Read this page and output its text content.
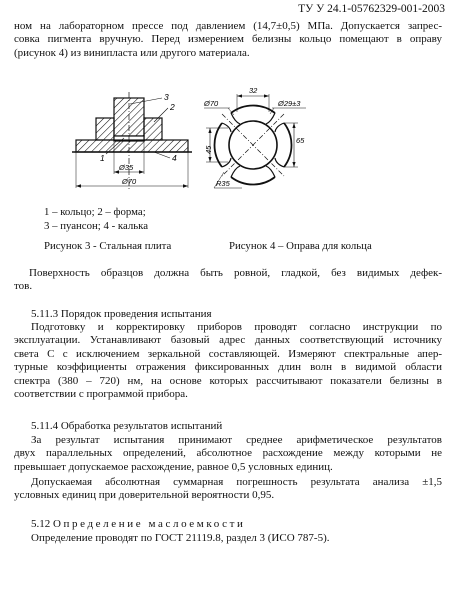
ТУ У 24.1-05762329-001-2003

ном на лабораторном прессе под давлением (14,7±0,5) МПа. Допускается запрес-
совка пигмента вручную. Перед измерением белизны кольцо помещают в оправу
(рисунок 4) из винипласта или другого материала.

3
2
1	4
Ø35
Ø70
1 – кольцо; 2 – форма;
3 – пуансон; 4 - калька
32
Ø70	Ø29±3
65
45
R35
Рисунок 3 - Стальная плита	Рисунок 4 – Оправа для кольца

Поверхность образцов должна быть ровной, гладкой, без видимых дефек-
тов.

5.11.3 Порядок проведения испытания

Подготовку и корректировку приборов проводят согласно инструкции по
эксплуатации. Устанавливают базовый адрес данных соответствующий источнику
света С с исключением зеркальной составляющей. Измеряют спектральные апер-
турные коэффициенты отражения фиксированных длин волн в видимой области
спектра (380 – 720) нм, на основе которых рассчитывают показатели белизны в
соответствии с программой прибора.

5.11.4 Обработка результатов испытаний

За результат испытания принимают среднее арифметическое результатов
двух параллельных определений, абсолютное расхождение между которыми не
превышает допускаемое расхождение, равное 0,5 условных единиц.

Допускаемая абсолютная суммарная погрешность результата анализа ±1,5
условных единиц при доверительной вероятности 0,95.

5.12 Определение маслоемкости
Определение проводят по ГОСТ 21119.8, раздел 3 (ИСО 787-5).
